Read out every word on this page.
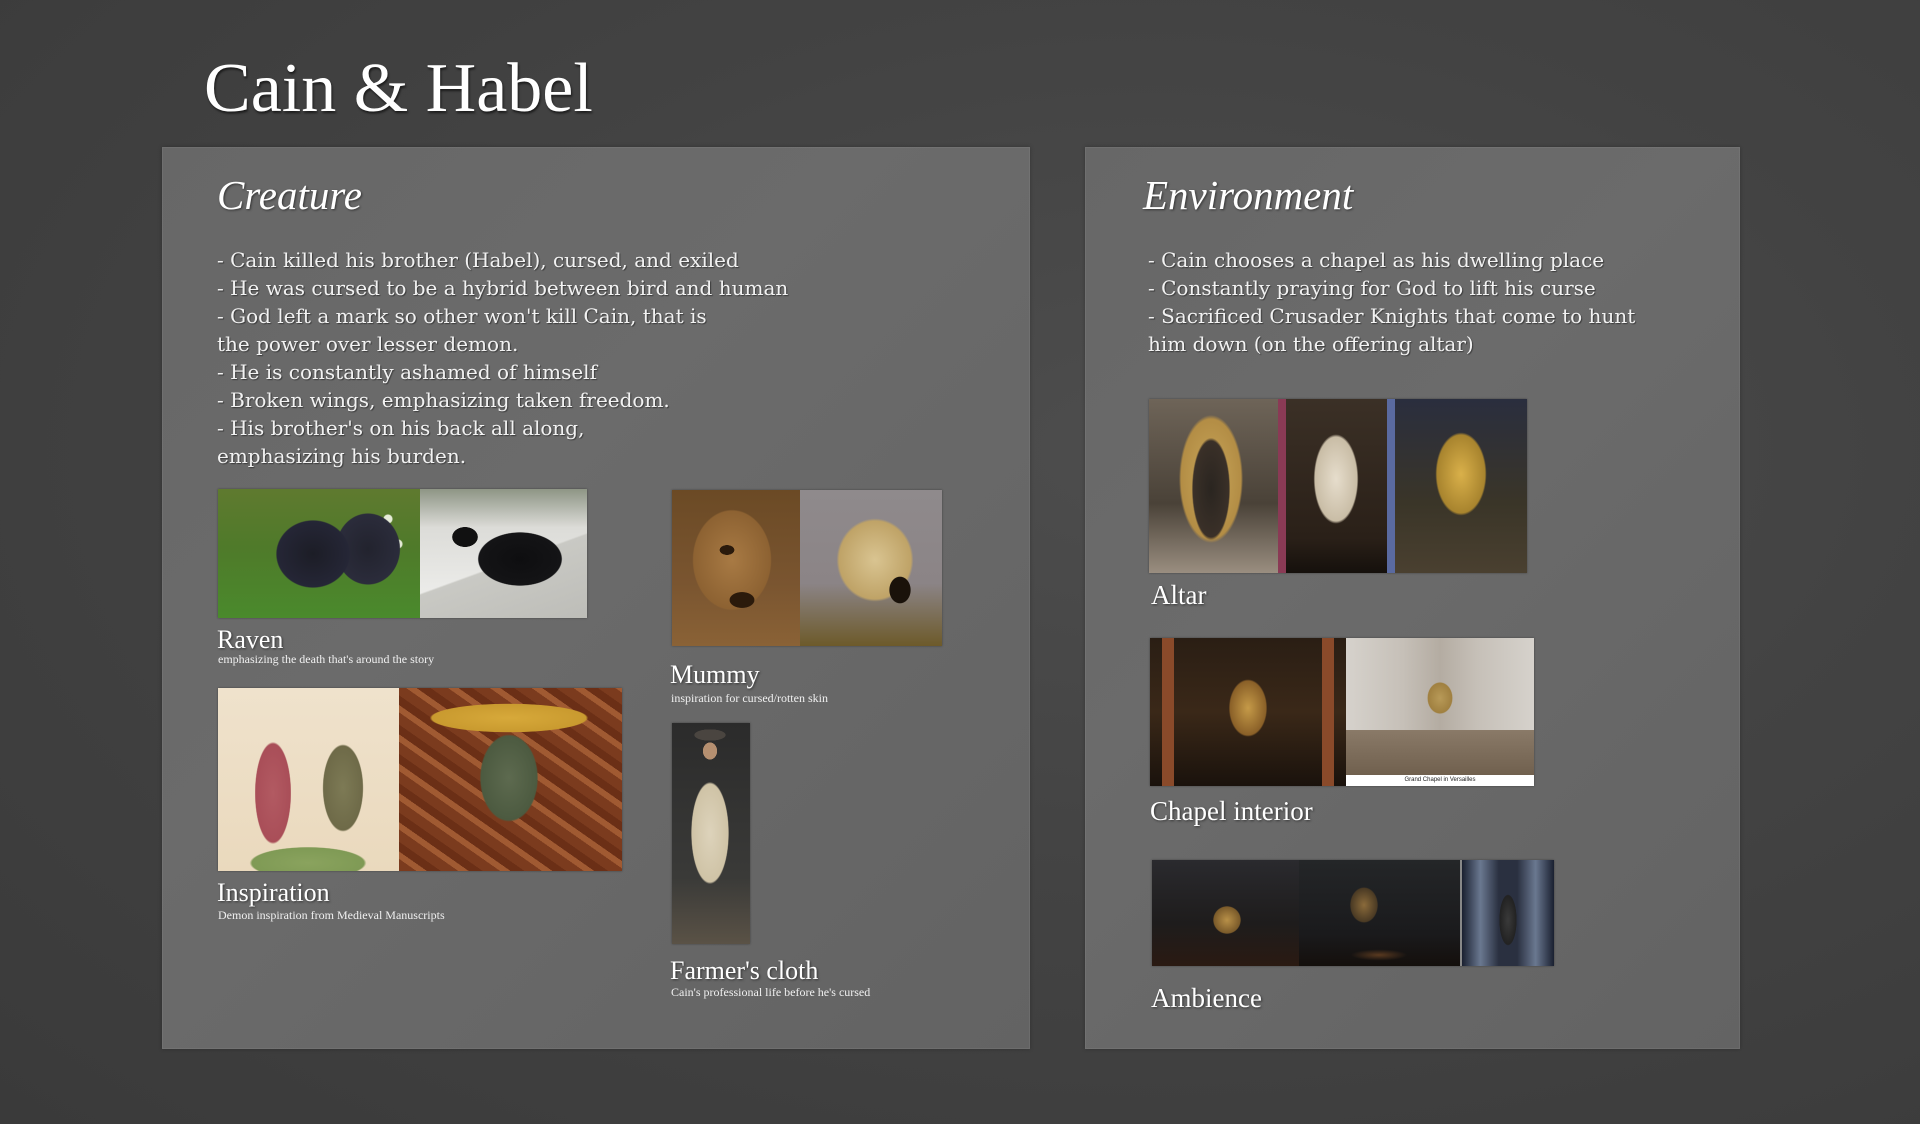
Cain & Habel
Creature
- Cain killed his brother (Habel), cursed, and exiled
- He was cursed to be a hybrid between bird and human
- God left a mark so other won't kill Cain, that is
the power over lesser demon.
- He is constantly ashamed of himself
- Broken wings, emphasizing taken freedom.
- His brother's on his back all along,
emphasizing his burden.
Raven
emphasizing the death that's around the story
Mummy
inspiration for cursed/rotten skin
Inspiration
Demon inspiration from Medieval Manuscripts
Farmer's cloth
Cain's professional life before he's cursed
Environment
- Cain chooses a chapel as his dwelling place
- Constantly praying for God to lift his curse
- Sacrificed Crusader Knights that come to hunt
him down (on the offering altar)
Altar
Grand Chapel in Versailles
Chapel interior
Ambience
